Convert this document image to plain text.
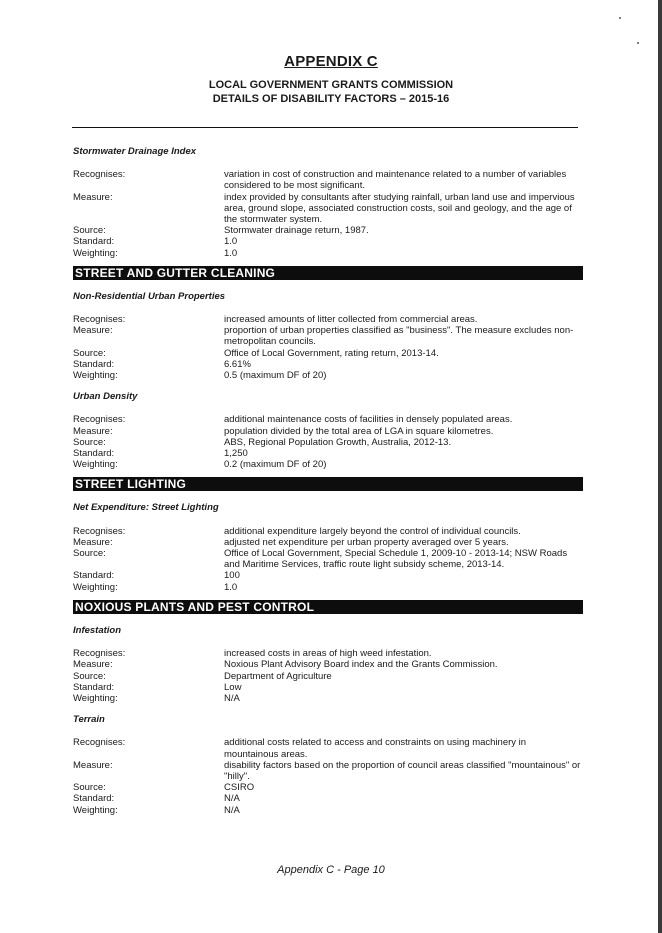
APPENDIX C
LOCAL GOVERNMENT GRANTS COMMISSION
DETAILS OF DISABILITY FACTORS – 2015-16
Stormwater Drainage Index
Recognises:	variation in cost of construction and maintenance related to a number of variables considered to be most significant.
Measure:	index provided by consultants after studying rainfall, urban land use and impervious area, ground slope, associated construction costs, soil and geology, and the age of the stormwater system.
Source:	Stormwater drainage return, 1987.
Standard:	1.0
Weighting:	1.0
STREET AND GUTTER CLEANING
Non-Residential Urban Properties
Recognises:	increased amounts of litter collected from commercial areas.
Measure:	proportion of urban properties classified as "business". The measure excludes non-metropolitan councils.
Source:	Office of Local Government, rating return, 2013-14.
Standard:	6.61%
Weighting:	0.5 (maximum DF of 20)
Urban Density
Recognises:	additional maintenance costs of facilities in densely populated areas.
Measure:	population divided by the total area of LGA in square kilometres.
Source:	ABS, Regional Population Growth, Australia, 2012-13.
Standard:	1,250
Weighting:	0.2 (maximum DF of 20)
STREET LIGHTING
Net Expenditure: Street Lighting
Recognises:	additional expenditure largely beyond the control of individual councils.
Measure:	adjusted net expenditure per urban property averaged over 5 years.
Source:	Office of Local Government, Special Schedule 1, 2009-10 - 2013-14; NSW Roads and Maritime Services, traffic route light subsidy scheme, 2013-14.
Standard:	100
Weighting:	1.0
NOXIOUS PLANTS AND PEST CONTROL
Infestation
Recognises:	increased costs in areas of high weed infestation.
Measure:	Noxious Plant Advisory Board index and the Grants Commission.
Source:	Department of Agriculture
Standard:	Low
Weighting:	N/A
Terrain
Recognises:	additional costs related to access and constraints on using machinery in mountainous areas.
Measure:	disability factors based on the proportion of council areas classified "mountainous" or "hilly".
Source:	CSIRO
Standard:	N/A
Weighting:	N/A
Appendix C - Page 10
